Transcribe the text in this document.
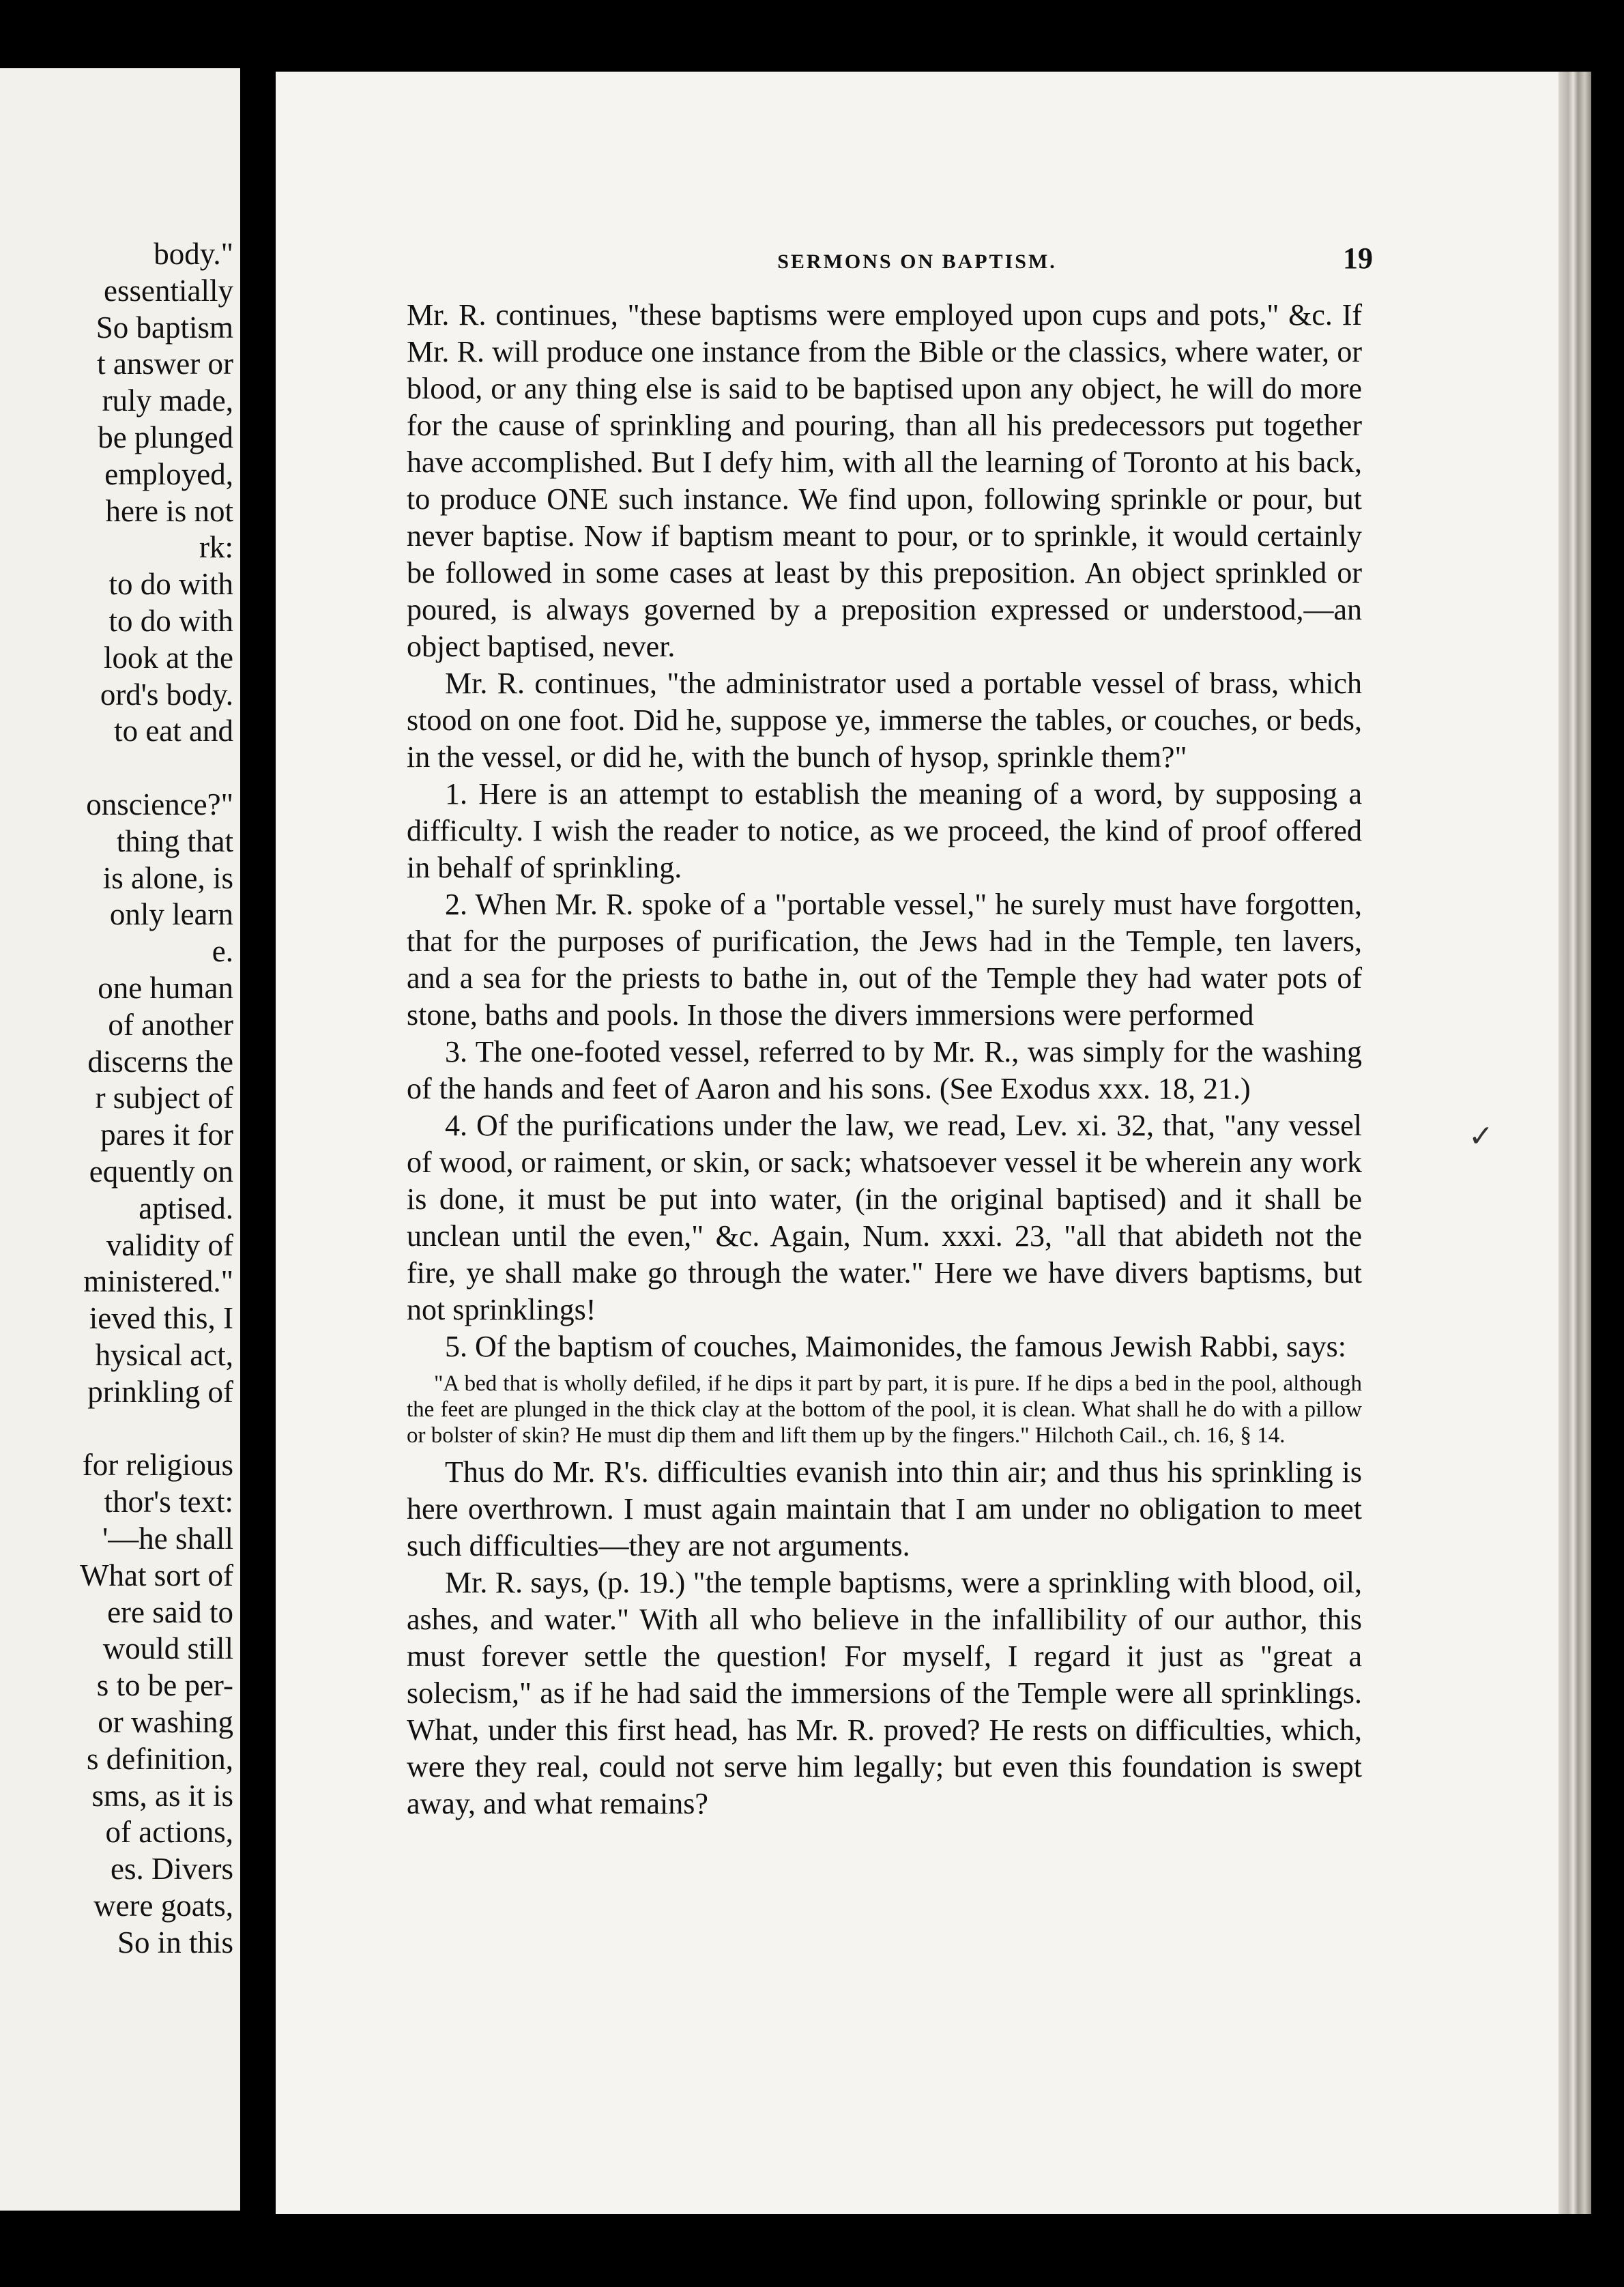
body."
essentially
So baptism
t answer or
ruly made,
be plunged
employed,
here is not
rk:
to do with
to do with
look at the
ord's body.
to eat and
onscience?"
thing that
is alone, is
only learn
e.
one human
of another
discerns the
r subject of
pares it for
equently on
aptised.
validity of
ministered."
ieved this, I
hysical act,
prinkling of
for religious
thor's text:
'—he shall
What sort of
ere said to
would still
s to be per-
or washing
s definition,
sms, as it is
of actions,
es. Divers
were goats,
So in this
SERMONS ON BAPTISM.	19

Mr. R. continues, "these baptisms were employed upon cups and pots," &c. If Mr. R. will produce one instance from the Bible or the classics, where water, or blood, or any thing else is said to be baptised upon any object, he will do more for the cause of sprinkling and pouring, than all his predecessors put together have accomplished. But I defy him, with all the learning of Toronto at his back, to produce ONE such instance. We find upon, following sprinkle or pour, but never baptise. Now if baptism meant to pour, or to sprinkle, it would certainly be followed in some cases at least by this preposition. An object sprinkled or poured, is always governed by a preposition expressed or understood,—an object baptised, never.

Mr. R. continues, "the administrator used a portable vessel of brass, which stood on one foot. Did he, suppose ye, immerse the tables, or couches, or beds, in the vessel, or did he, with the bunch of hysop, sprinkle them?"

1. Here is an attempt to establish the meaning of a word, by supposing a difficulty. I wish the reader to notice, as we proceed, the kind of proof offered in behalf of sprinkling.

2. When Mr. R. spoke of a "portable vessel," he surely must have forgotten, that for the purposes of purification, the Jews had in the Temple, ten lavers, and a sea for the priests to bathe in, out of the Temple they had water pots of stone, baths and pools. In those the divers immersions were performed

3. The one-footed vessel, referred to by Mr. R., was simply for the washing of the hands and feet of Aaron and his sons. (See Exodus xxx. 18, 21.)

4. Of the purifications under the law, we read, Lev. xi. 32, that, "any vessel of wood, or raiment, or skin, or sack; whatsoever vessel it be wherein any work is done, it must be put into water, (in the original baptised) and it shall be unclean until the even," &c. Again, Num. xxxi. 23, "all that abideth not the fire, ye shall make go through the water." Here we have divers baptisms, but not sprinklings!

5. Of the baptism of couches, Maimonides, the famous Jewish Rabbi, says:

"A bed that is wholly defiled, if he dips it part by part, it is pure. If he dips a bed in the pool, although the feet are plunged in the thick clay at the bottom of the pool, it is clean. What shall he do with a pillow or bolster of skin? He must dip them and lift them up by the fingers." Hilchoth Cail., ch. 16, § 14.

Thus do Mr. R's. difficulties evanish into thin air; and thus his sprinkling is here overthrown. I must again maintain that I am under no obligation to meet such difficulties—they are not arguments.

Mr. R. says, (p. 19.) "the temple baptisms, were a sprinkling with blood, oil, ashes, and water." With all who believe in the infallibility of our author, this must forever settle the question! For myself, I regard it just as "great a solecism," as if he had said the immersions of the Temple were all sprinklings. What, under this first head, has Mr. R. proved? He rests on difficulties, which, were they real, could not serve him legally; but even this foundation is swept away, and what remains?

✓
